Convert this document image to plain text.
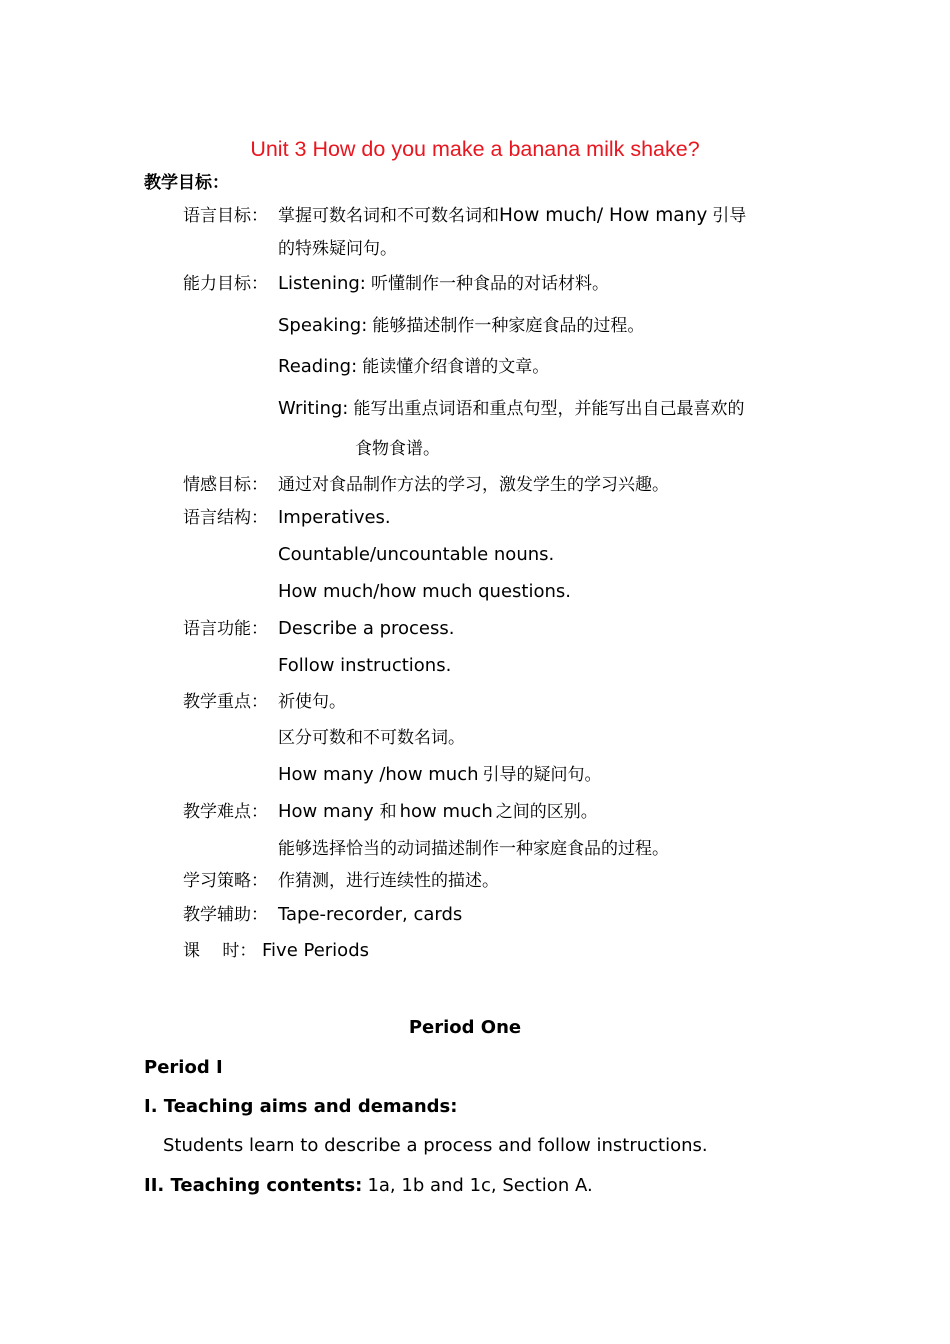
Unit 3 How do you make a banana milk shake?
教学目标：
语言目标： 掌握可数名词和不可数名词和How much/ How many 引导
的特殊疑问句。
能力目标： Listening: 听懂制作一种食品的对话材料。
Speaking: 能够描述制作一种家庭食品的过程。
Reading: 能读懂介绍食谱的文章。
Writing: 能写出重点词语和重点句型，并能写出自己最喜欢的
食物食谱。
情感目标： 通过对食品制作方法的学习，激发学生的学习兴趣。
语言结构： Imperatives.
Countable/uncountable nouns.
How much/how much questions.
语言功能： Describe a process.
Follow instructions.
教学重点： 祈使句。
区分可数和不可数名词。
How many /how much 引导的疑问句。
教学难点： How many 和 how much 之间的区别。
能够选择恰当的动词描述制作一种家庭食品的过程。
学习策略： 作猜测，进行连续性的描述。
教学辅助： Tape-recorder, cards
课　 时： Five Periods
Period One
Period I
I. Teaching aims and demands:
Students learn to describe a process and follow instructions.
II. Teaching contents: 1a, 1b and 1c, Section A.
